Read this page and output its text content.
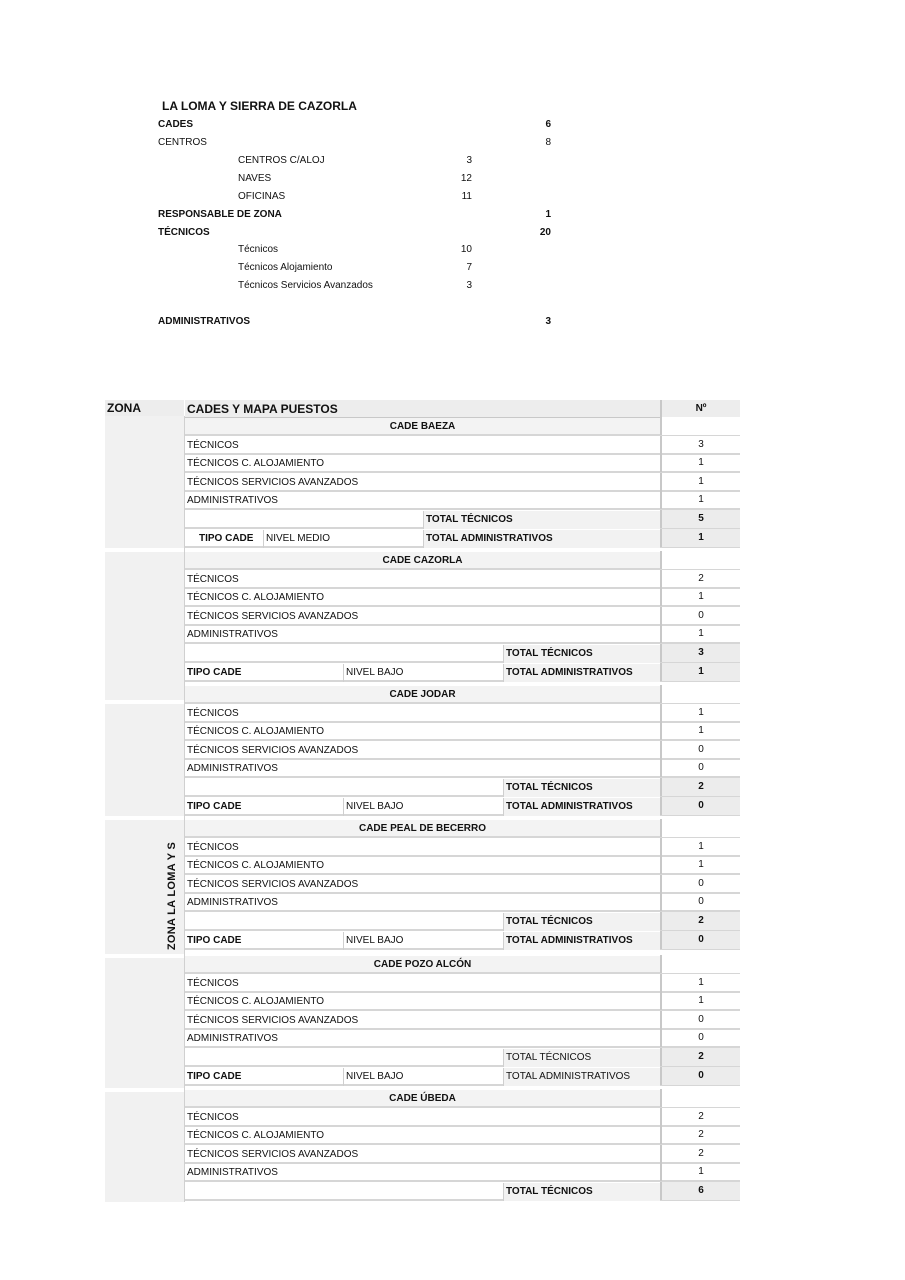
LA LOMA Y SIERRA DE CAZORLA
CADES	6
CENTROS	8
CENTROS C/ALOJ	3
NAVES	12
OFICINAS	11
RESPONSABLE DE ZONA	1
TÉCNICOS	20
Técnicos	10
Técnicos Alojamiento	7
Técnicos Servicios Avanzados	3
ADMINISTRATIVOS	3
ZONA
ZONA LA LOMA Y S
CADES Y MAPA PUESTOS	Nº
CADE BAEZA
TÉCNICOS	3
TÉCNICOS C. ALOJAMIENTO	1
TÉCNICOS SERVICIOS AVANZADOS	1
ADMINISTRATIVOS	1
TOTAL TÉCNICOS	5
TIPO CADE	NIVEL MEDIO	TOTAL ADMINISTRATIVOS	1
CADE CAZORLA
TÉCNICOS	2
TÉCNICOS C. ALOJAMIENTO	1
TÉCNICOS SERVICIOS AVANZADOS	0
ADMINISTRATIVOS	1
TOTAL TÉCNICOS	3
TIPO CADE	NIVEL BAJO	TOTAL ADMINISTRATIVOS	1
CADE JODAR
TÉCNICOS	1
TÉCNICOS C. ALOJAMIENTO	1
TÉCNICOS SERVICIOS AVANZADOS	0
ADMINISTRATIVOS	0
TOTAL TÉCNICOS	2
TIPO CADE	NIVEL BAJO	TOTAL ADMINISTRATIVOS	0
CADE PEAL DE BECERRO
TÉCNICOS	1
TÉCNICOS C. ALOJAMIENTO	1
TÉCNICOS SERVICIOS AVANZADOS	0
ADMINISTRATIVOS	0
TOTAL TÉCNICOS	2
TIPO CADE	NIVEL BAJO	TOTAL ADMINISTRATIVOS	0
CADE POZO ALCÓN
TÉCNICOS	1
TÉCNICOS C. ALOJAMIENTO	1
TÉCNICOS SERVICIOS AVANZADOS	0
ADMINISTRATIVOS	0
TOTAL TÉCNICOS	2
TIPO CADE	NIVEL BAJO	TOTAL ADMINISTRATIVOS	0
CADE ÚBEDA
TÉCNICOS	2
TÉCNICOS C. ALOJAMIENTO	2
TÉCNICOS SERVICIOS AVANZADOS	2
ADMINISTRATIVOS	1
TOTAL TÉCNICOS	6
